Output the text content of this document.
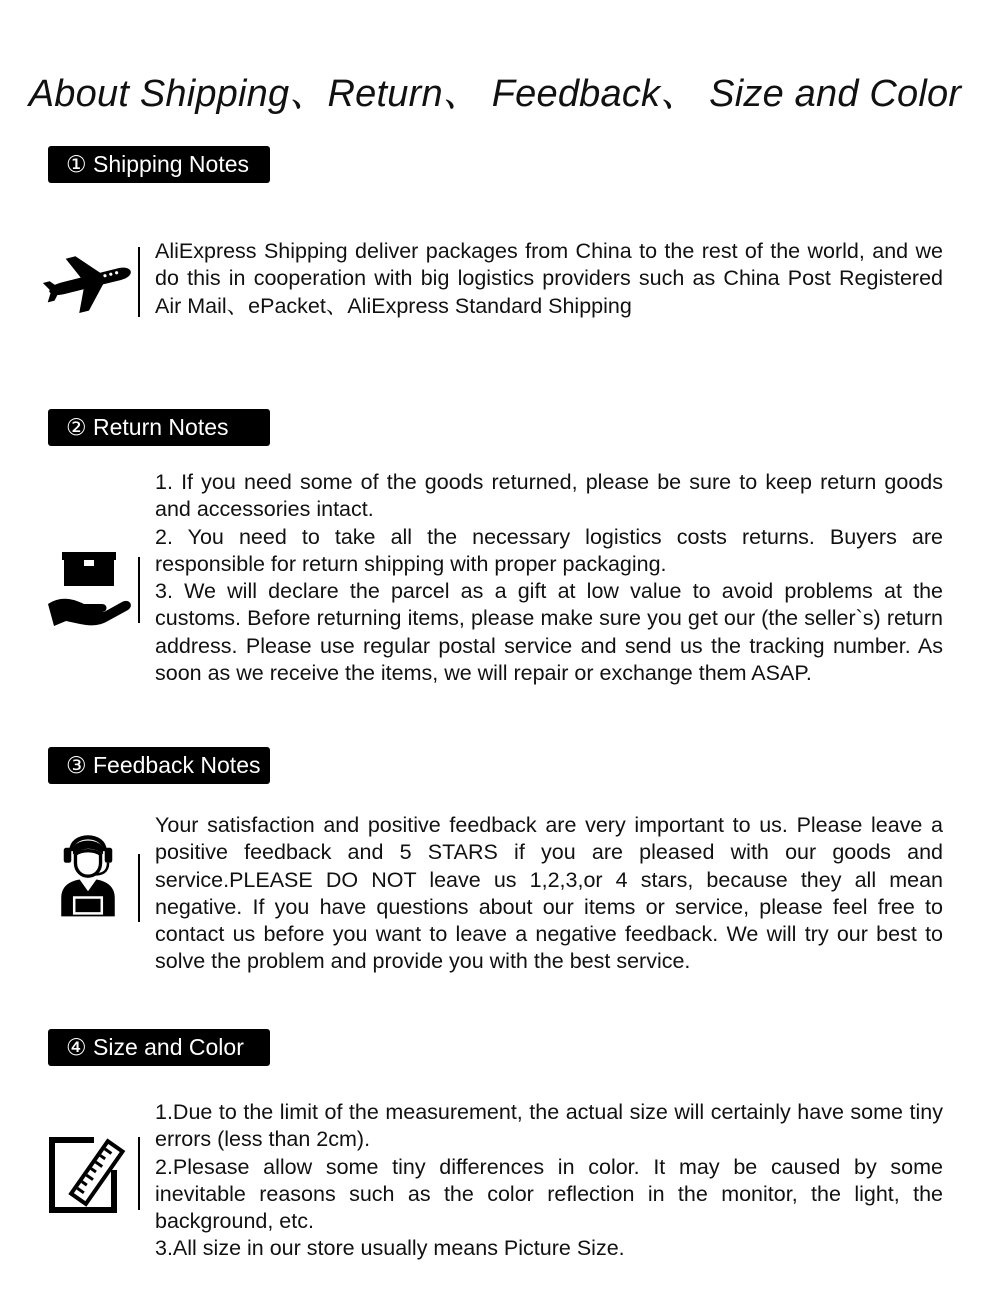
About Shipping、Return、 Feedback、 Size and Color
① Shipping Notes

AliExpress Shipping deliver packages from China to the rest of the world, and we do this in cooperation with big logistics providers such as China Post Registered Air Mail、ePacket、AliExpress Standard Shipping

② Return Notes

1. If you need some of the goods returned, please be sure to keep return goods and accessories intact.

2. You need to take all the necessary logistics costs returns. Buyers are responsible for return shipping with proper packaging.

3. We will declare the parcel as a gift at low value to avoid problems at the customs. Before returning items, please make sure you get our (the seller`s) return address. Please use regular postal service and send us the tracking number. As soon as we receive the items, we will repair or exchange them ASAP.

③ Feedback Notes

Your satisfaction and positive feedback are very important to us. Please leave a positive feedback and 5 STARS if you are pleased with our goods and service.PLEASE DO NOT leave us 1,2,3,or 4 stars, because they all mean negative. If you have questions about our items or service, please feel free to contact us before you want to leave a negative feedback. We will try our best to solve the problem and provide you with the best service.

④ Size and Color

1.Due to the limit of the measurement, the actual size will certainly have some tiny errors (less than 2cm).

2.Plesase allow some tiny differences in color. It may be caused by some inevitable reasons such as the color reflection in the monitor, the light, the background, etc.

3.All size in our store usually means Picture Size.
